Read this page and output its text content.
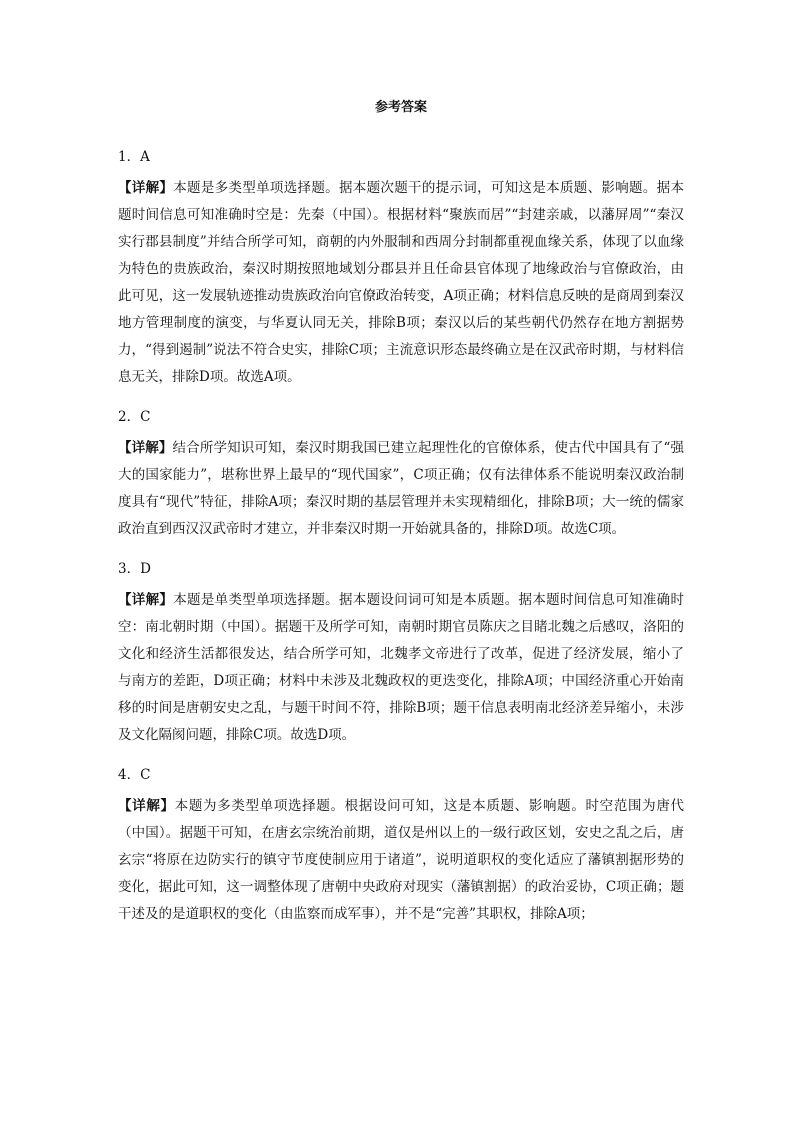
参考答案
1．A

【详解】本题是多类型单项选择题。据本题次题干的提示词，可知这是本质题、影响题。据本题时间信息可知准确时空是：先秦（中国）。根据材料“聚族而居”“封建亲戚，以藩屏周”“秦汉实行郡县制度”并结合所学可知，商朝的内外服制和西周分封制都重视血缘关系，体现了以血缘为特色的贵族政治，秦汉时期按照地域划分郡县并且任命县官体现了地缘政治与官僚政治，由此可见，这一发展轨迹推动贵族政治向官僚政治转变，A项正确；材料信息反映的是商周到秦汉地方管理制度的演变，与华夏认同无关，排除B项；秦汉以后的某些朝代仍然存在地方割据势力，“得到遏制”说法不符合史实，排除C项；主流意识形态最终确立是在汉武帝时期，与材料信息无关，排除D项。故选A项。

2．C

【详解】结合所学知识可知，秦汉时期我国已建立起理性化的官僚体系，使古代中国具有了“强大的国家能力”，堪称世界上最早的“现代国家”，C项正确；仅有法律体系不能说明秦汉政治制度具有“现代”特征，排除A项；秦汉时期的基层管理并未实现精细化，排除B项；大一统的儒家政治直到西汉汉武帝时才建立，并非秦汉时期一开始就具备的，排除D项。故选C项。

3．D

【详解】本题是单类型单项选择题。据本题设问词可知是本质题。据本题时间信息可知准确时空：南北朝时期（中国）。据题干及所学可知，南朝时期官员陈庆之目睹北魏之后感叹，洛阳的文化和经济生活都很发达，结合所学可知，北魏孝文帝进行了改革，促进了经济发展，缩小了与南方的差距，D项正确；材料中未涉及北魏政权的更迭变化，排除A项；中国经济重心开始南移的时间是唐朝安史之乱，与题干时间不符，排除B项；题干信息表明南北经济差异缩小，未涉及文化隔阂问题，排除C项。故选D项。

4．C

【详解】本题为多类型单项选择题。根据设问可知，这是本质题、影响题。时空范围为唐代（中国）。据题干可知，在唐玄宗统治前期，道仅是州以上的一级行政区划，安史之乱之后，唐玄宗“将原在边防实行的镇守节度使制应用于诸道”，说明道职权的变化适应了藩镇割据形势的变化，据此可知，这一调整体现了唐朝中央政府对现实（藩镇割据）的政治妥协，C项正确；题干述及的是道职权的变化（由监察而成军事），并不是“完善”其职权，排除A项；
